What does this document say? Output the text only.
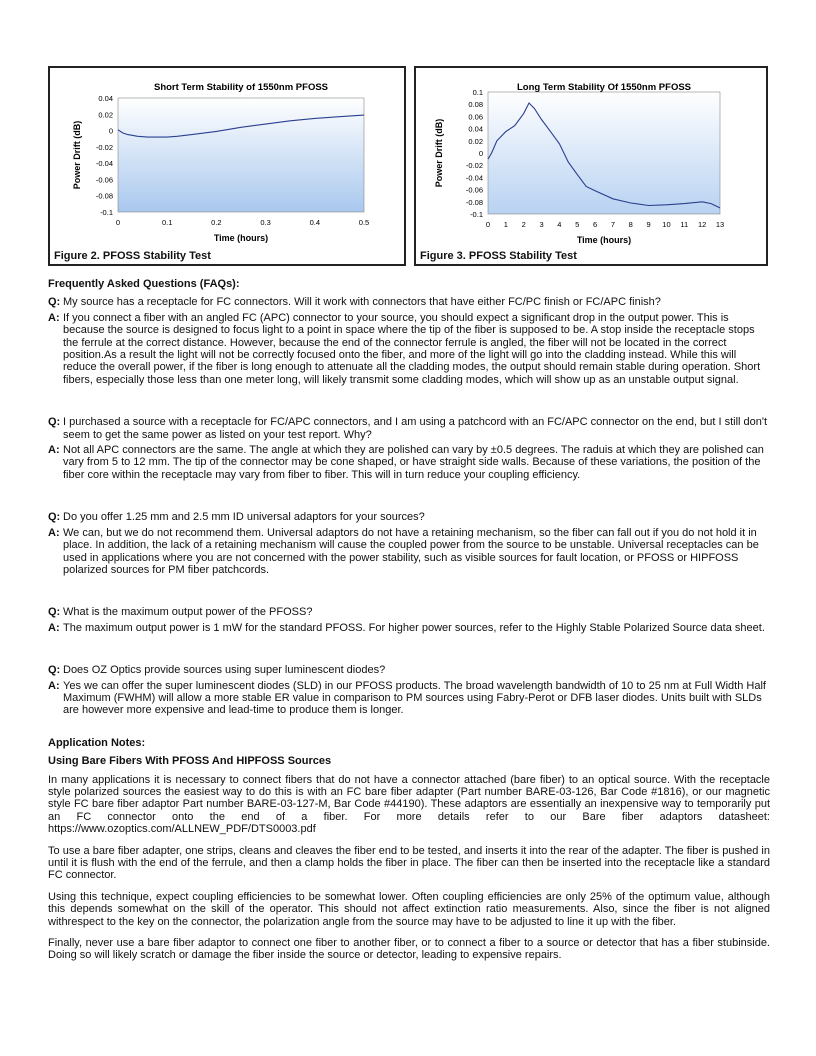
Short Term Stability of 1550nm PFOSS
0.04
0.02
0
-0.02
-0.04
-0.06
-0.08
-0.1
0	0.1	0.2	0.3	0.4	0.5
Time (hours)
Power Drift (dB)
Figure 2. PFOSS Stability Test
Long Term Stability Of 1550nm PFOSS
0.1
0.08
0.06
0.04
0.02
0
-0.02
-0.04
-0.06
-0.08
-0.1
0 1 2 3 4 5 6 7 8 9 10 11 12 13
Time (hours)
Power Drift (dB)
Figure 3. PFOSS Stability Test
Frequently Asked Questions (FAQs):
Q: My source has a receptacle for FC connectors. Will it work with connectors that have either FC/PC finish or FC/APC finish?
A: If you connect a fiber with an angled FC (APC) connector to your source, you should expect a significant drop in the output power. This is because the source is designed to focus light to a point in space where the tip of the fiber is supposed to be. A stop inside the receptacle stops the ferrule at the correct distance. However, because the end of the connector ferrule is angled, the fiber will not be located in the correct position.As a result the light will not be correctly focused onto the fiber, and more of the light will go into the cladding instead. While this will reduce the overall power, if the fiber is long enough to attenuate all the cladding modes, the output should remain stable during operation. Short fibers, especially those less than one meter long, will likely transmit some cladding modes, which will show up as an unstable output signal.
Q: I purchased a source with a receptacle for FC/APC connectors, and I am using a patchcord with an FC/APC connector on the end, but I still don't seem to get the same power as listed on your test report. Why?
A: Not all APC connectors are the same. The angle at which they are polished can vary by ±0.5 degrees. The raduis at which they are polished can vary from 5 to 12 mm. The tip of the connector may be cone shaped, or have straight side walls. Because of these variations, the position of the fiber core within the receptacle may vary from fiber to fiber. This will in turn reduce your coupling efficiency.
Q: Do you offer 1.25 mm and 2.5 mm ID universal adaptors for your sources?
A: We can, but we do not recommend them. Universal adaptors do not have a retaining mechanism, so the fiber can fall out if you do not hold it in place. In addition, the lack of a retaining mechanism will cause the coupled power from the source to be unstable. Universal receptacles can be used in applications where you are not concerned with the power stability, such as visible sources for fault location, or PFOSS or HIPFOSS polarized sources for PM fiber patchcords.
Q: What is the maximum output power of the PFOSS?
A: The maximum output power is 1 mW for the standard PFOSS. For higher power sources, refer to the Highly Stable Polarized Source data sheet.
Q: Does OZ Optics provide sources using super luminescent diodes?
A: Yes we can offer the super luminescent diodes (SLD) in our PFOSS products. The broad wavelength bandwidth of 10 to 25 nm at Full Width Half Maximum (FWHM) will allow a more stable ER value in comparison to PM sources using Fabry-Perot or DFB laser diodes. Units built with SLDs are however more expensive and lead-time to produce them is longer.
Application Notes:
Using Bare Fibers With PFOSS And HIPFOSS Sources
In many applications it is necessary to connect fibers that do not have a connector attached (bare fiber) to an optical source. With the receptacle style polarized sources the easiest way to do this is with an FC bare fiber adapter (Part number BARE-03-126, Bar Code #1816), or our magnetic style FC bare fiber adaptor Part number BARE-03-127-M, Bar Code #44190). These adaptors are essentially an inexpensive way to temporarily put an FC connector onto the end of a fiber. For more details refer to our Bare fiber adaptors datasheet: https://www.ozoptics.com/ALLNEW_PDF/DTS0003.pdf
To use a bare fiber adapter, one strips, cleans and cleaves the fiber end to be tested, and inserts it into the rear of the adapter. The fiber is pushed in until it is flush with the end of the ferrule, and then a clamp holds the fiber in place. The fiber can then be inserted into the receptacle like a standard FC connector.
Using this technique, expect coupling efficiencies to be somewhat lower. Often coupling efficiencies are only 25% of the optimum value, although this depends somewhat on the skill of the operator. This should not affect extinction ratio measurements. Also, since the fiber is not aligned withrespect to the key on the connector, the polarization angle from the source may have to be adjusted to line it up with the fiber.
Finally, never use a bare fiber adaptor to connect one fiber to another fiber, or to connect a fiber to a source or detector that has a fiber stubinside. Doing so will likely scratch or damage the fiber inside the source or detector, leading to expensive repairs.
